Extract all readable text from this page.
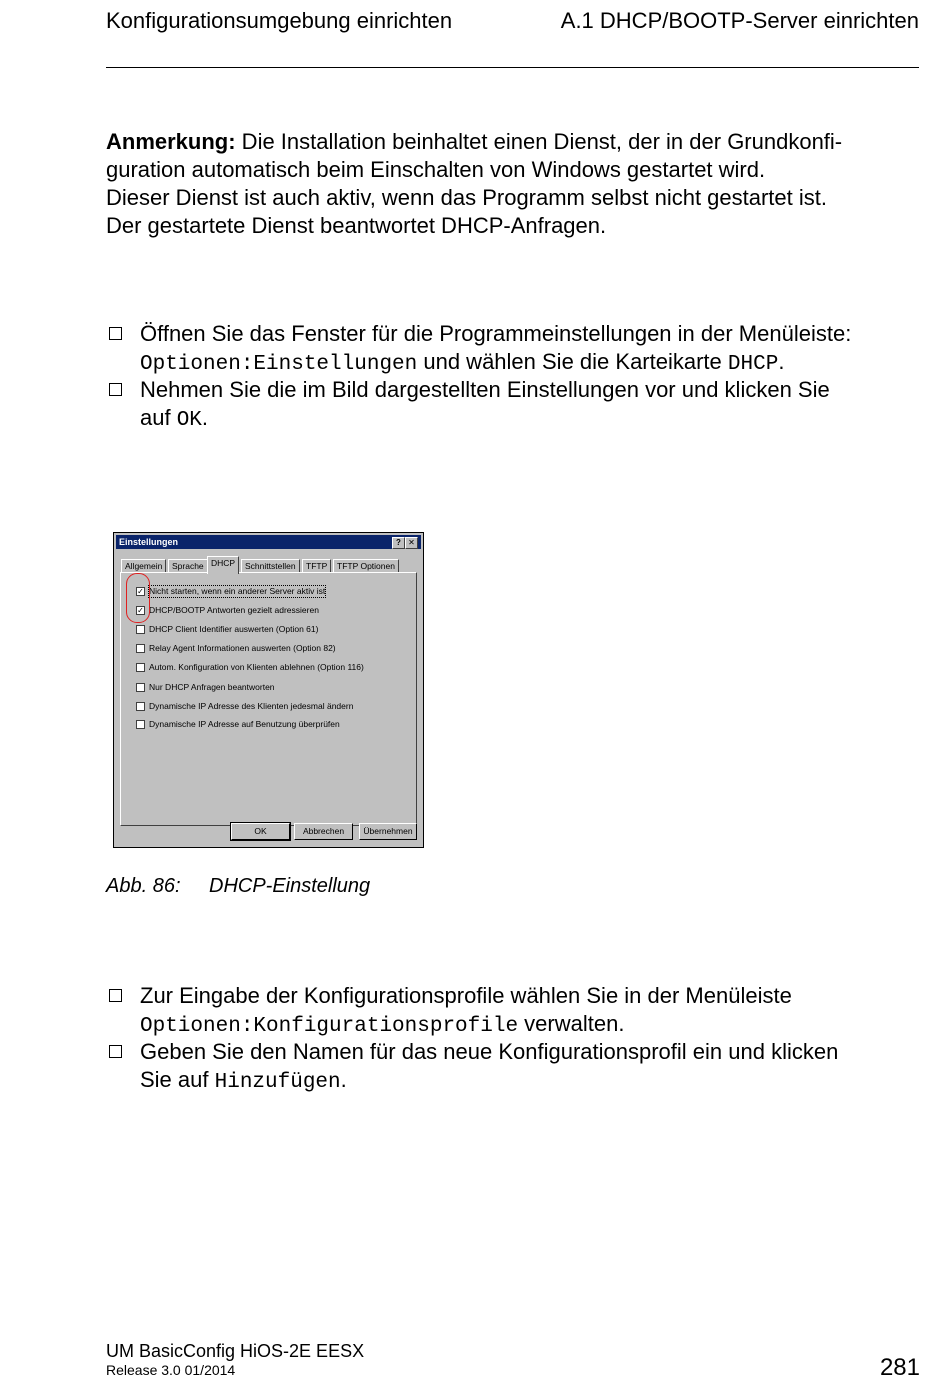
Konfigurationsumgebung einrichten	A.1 DHCP/BOOTP-Server einrichten
Anmerkung: Die Installation beinhaltet einen Dienst, der in der Grundkonfi-
guration automatisch beim Einschalten von Windows gestartet wird.
Dieser Dienst ist auch aktiv, wenn das Programm selbst nicht gestartet ist.
Der gestartete Dienst beantwortet DHCP-Anfragen.
Öffnen Sie das Fenster für die Programmeinstellungen in der Menüleiste:
Optionen:Einstellungen und wählen Sie die Karteikarte DHCP.
Nehmen Sie die im Bild dargestellten Einstellungen vor und klicken Sie
auf OK.
Einstellungen	? ✕
Allgemein	Sprache DHCP	Schnittstellen	TFTP	TFTP Optionen
✓ Nicht starten, wenn ein anderer Server aktiv ist
✓ DHCP/BOOTP Antworten gezielt adressieren
DHCP Client Identifier auswerten (Option 61)
Relay Agent Informationen auswerten (Option 82)
Autom. Konfiguration von Klienten ablehnen (Option 116)
Nur DHCP Anfragen beantworten
Dynamische IP Adresse des Klienten jedesmal ändern
Dynamische IP Adresse auf Benutzung überprüfen
OK	Abbrechen	Übernehmen
Abb. 86: DHCP-Einstellung
Zur Eingabe der Konfigurationsprofile wählen Sie in der Menüleiste
Optionen:Konfigurationsprofile verwalten.
Geben Sie den Namen für das neue Konfigurationsprofil ein und klicken
Sie auf Hinzufügen.
UM BasicConfig HiOS-2E EESX
Release 3.0 01/2014	281
